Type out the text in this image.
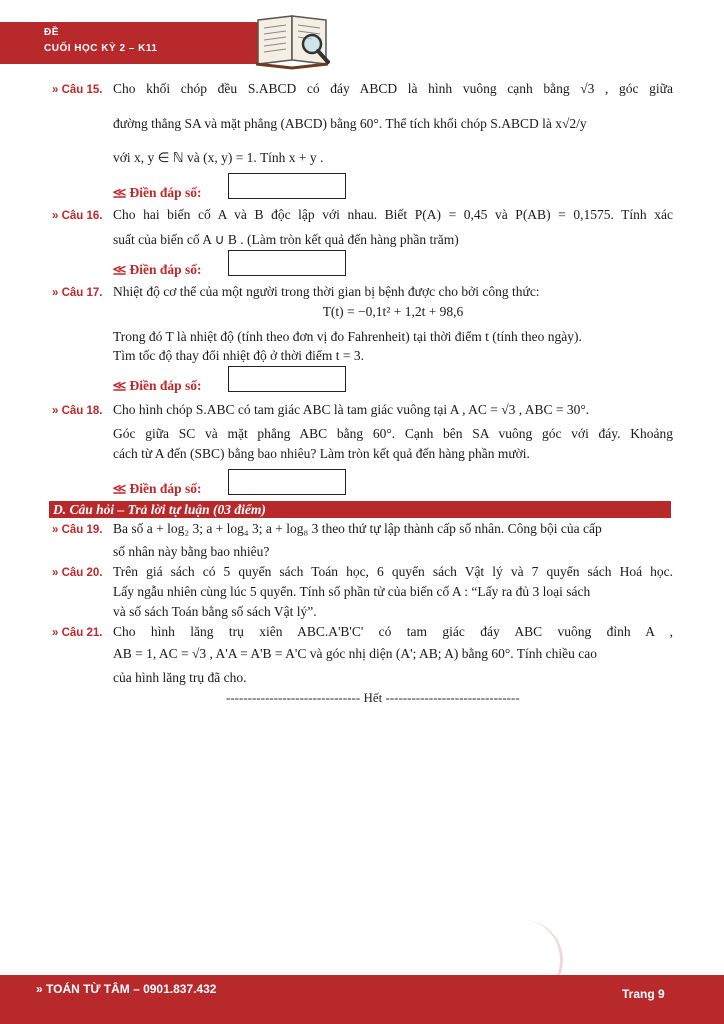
ĐỀ
CUỐI HỌC KỲ 2 – K11
» Câu 15. Cho khối chóp đều S.ABCD có đáy ABCD là hình vuông cạnh bằng √3 , góc giữa
đường thẳng SA và mặt phẳng (ABCD) bằng 60°. Thể tích khối chóp S.ABCD là x√2/y
với x, y ∈ ℕ và (x, y) = 1. Tính x + y .
⪣ Điền đáp số:
» Câu 16. Cho hai biến cố A và B độc lập với nhau. Biết P(A) = 0,45 và P(AB) = 0,1575. Tính xác
suất của biến cố A ∪ B . (Làm tròn kết quả đến hàng phần trăm)
⪣ Điền đáp số:
» Câu 17. Nhiệt độ cơ thể của một người trong thời gian bị bệnh được cho bởi công thức:
T(t) = −0,1t² + 1,2t + 98,6
Trong đó T là nhiệt độ (tính theo đơn vị đo Fahrenheit) tại thời điểm t (tính theo ngày).
Tìm tốc độ thay đổi nhiệt độ ở thời điểm t = 3.
⪣ Điền đáp số:
» Câu 18. Cho hình chóp S.ABC có tam giác ABC là tam giác vuông tại A , AC = √3 , ABC = 30°.
Góc giữa SC và mặt phẳng ABC bằng 60°. Cạnh bên SA vuông góc với đáy. Khoảng
cách từ A đến (SBC) bằng bao nhiêu? Làm tròn kết quả đến hàng phần mười.
⪣ Điền đáp số:
D. Câu hỏi – Trả lời tự luận (03 điểm)
» Câu 19. Ba số a + log₂ 3; a + log₄ 3; a + log₈ 3 theo thứ tự lập thành cấp số nhân. Công bội của cấp
số nhân này bằng bao nhiêu?
» Câu 20. Trên giá sách có 5 quyển sách Toán học, 6 quyển sách Vật lý và 7 quyển sách Hoá học.
Lấy ngẫu nhiên cùng lúc 5 quyển. Tính số phần tử của biến cố A : “Lấy ra đủ 3 loại sách
và số sách Toán bằng số sách Vật lý”.
» Câu 21. Cho hình lăng trụ xiên ABC.A'B'C' có tam giác đáy ABC vuông đỉnh A ,
AB = 1, AC = √3 , A'A = A'B = A'C và góc nhị diện (A'; AB; A) bằng 60°. Tính chiều cao
của hình lăng trụ đã cho.
------------------------------- Hết -------------------------------
» TOÁN TỪ TÂM – 0901.837.432	Trang 9
